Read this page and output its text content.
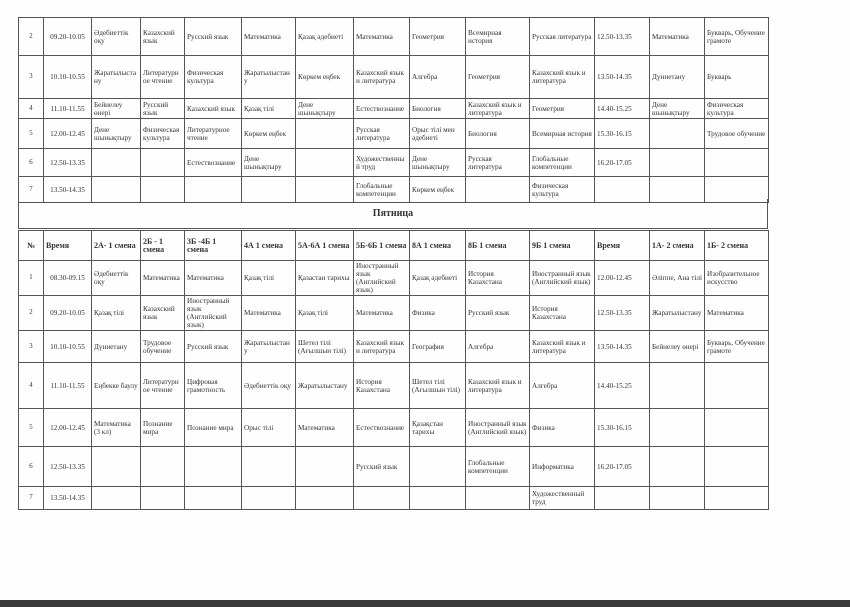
2	09.20-10.05	Әдебиеттік оқу	Казахский язык	Русский язык	Математика	Қазақ әдебиеті	Математика	Геометрия	Всемирная история	Русская литература	12.50-13.35	Математика	Букварь, Обучение грамоте
3	10.10-10.55	Жаратылыстану	Литературное чтение	Физическая культура	Жаратылыстану	Көркем еңбек	Казахский язык и литература	Алгебра	Геометрия	Казахский язык и литература	13.50-14.35	Дүниетану	Букварь
4	11.10-11.55	Бейнелеу өнері	Русский язык	Казахский язык	Қазақ тілі	Дене шынықтыру	Естествознание	Биология	Казахский язык и литература	Геометрия	14.40-15.25	Дене шынықтыру	Физическая культура
5	12.00-12.45	Дене шынықтыру	Физическая культура	Литературное чтение	Көркем еңбек		Русская литература	Орыс тілі мен әдебиеті	Биология	Всемирная история	15.30-16.15		Трудовое обучение
6	12.50-13.35			Естествознание	Дене шынықтыру		Художественный труд	Дене шынықтыру	Русская литература	Глобальные компетенции	16.20-17.05		
7	13.50-14.35						Глобальные компетенции	Көркем еңбек		Физическая культура			
Пятница
№	Время	2А- 1 смена	2Б - 1 смена	3Б -4Б 1 смена	4А 1 смена	5А-6А 1 смена	5Б-6Б 1 смена	8А 1 смена	8Б 1 смена	9Б 1 смена	Время	1А- 2 смена	1Б- 2 смена
1	08.30-09.15	Әдебиеттік оқу	Математика	Математика	Қазақ тілі	Қазастан тарихы	Иностранный язык (Английский язык)	Қазақ әдебиеті	История Казахстана	Иностранный язык (Английский язык)	12.00-12.45	Әліппе, Ана тілі	Изобразительное искусство
2	09.20-10.05	Қазақ тілі	Казахский язык	Иностранный язык (Английский язык)	Математика	Қазақ тілі	Математика	Физика	Русский язык	История Казахстана	12.50-13.35	Жаратылыстану	Математика
3	10.10-10.55	Дүниетану	Трудовое обучение	Русский язык	Жаратылыстану	Шетел тілі (Ағылшын тілі)	Казахский язык и литература	География	Алгебра	Казахский язык и литература	13.50-14.35	Бейнелеу өнері	Букварь, Обучение грамоте
4	11.10-11.55	Еңбекке баулу	Литературное чтение	Цифровая грамотность	Әдебиеттік оқу	Жаратылыстану	История Казахстана	Шетел тілі (Ағылшын тілі)	Казахский язык и литература	Алгебра	14.40-15.25		
5	12.00-12.45	Математика (3 кл)	Познание мира	Познание мира	Орыс тілі	Математика	Естествознание	Қазақстан тарихы	Иностранный язык (Английский язык)	Физика	15.30-16.15		
6	12.50-13.35						Русский язык		Глобальные компетенции	Информатика	16.20-17.05		
7	13.50-14.35									Художественный труд			
